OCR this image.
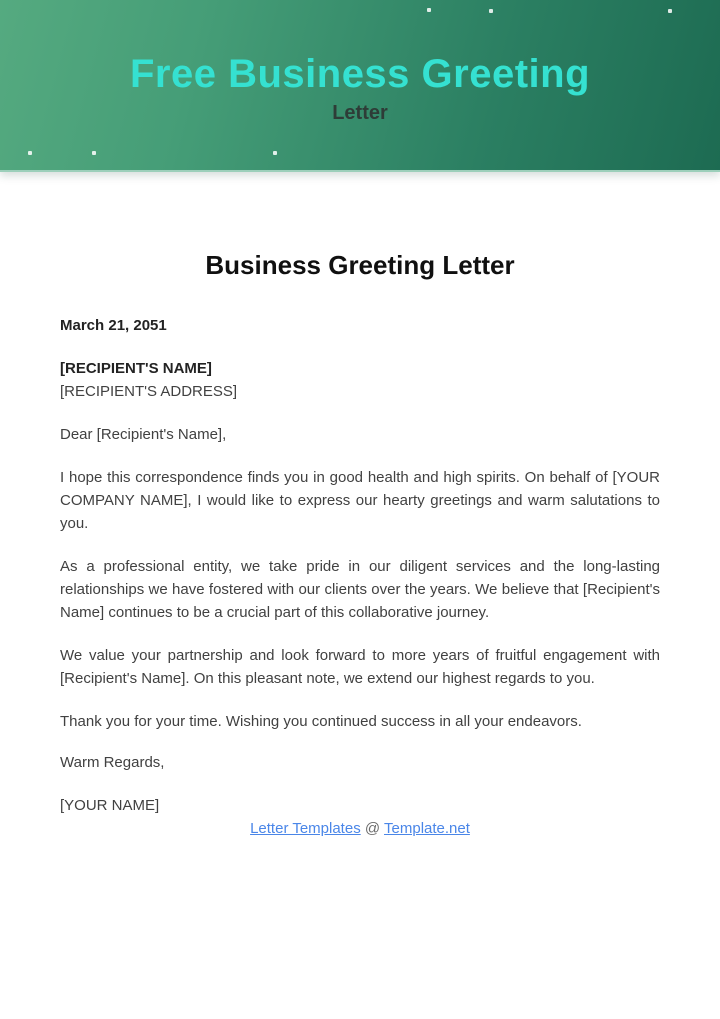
Free Business Greeting
Letter
Business Greeting Letter

March 21, 2051

[RECIPIENT'S NAME]

[RECIPIENT'S ADDRESS]

Dear [Recipient's Name],

I hope this correspondence finds you in good health and high spirits. On behalf of [YOUR COMPANY NAME], I would like to express our hearty greetings and warm salutations to you.

As a professional entity, we take pride in our diligent services and the long-lasting relationships we have fostered with our clients over the years. We believe that [Recipient's Name] continues to be a crucial part of this collaborative journey.

We value your partnership and look forward to more years of fruitful engagement with [Recipient's Name]. On this pleasant note, we extend our highest regards to you.

Thank you for your time. Wishing you continued success in all your endeavors.

Warm Regards,

[YOUR NAME]

Letter Templates @ Template.net
